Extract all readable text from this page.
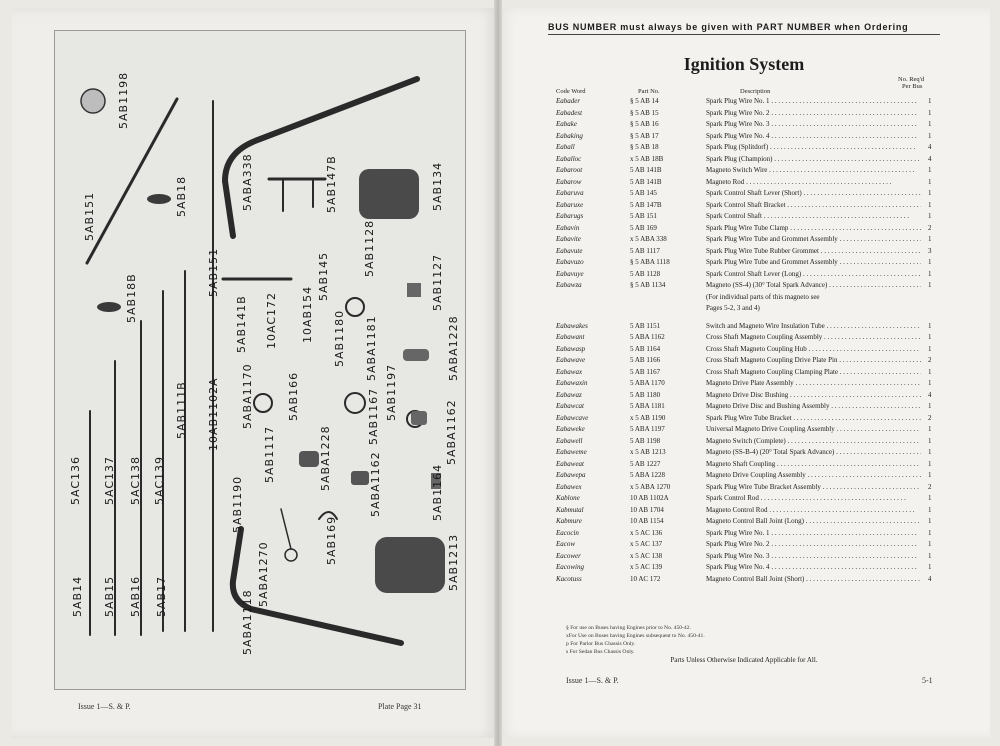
5AB1198
5AB151	5AB18	5ABA338	5AB134
5AB147B
5AB1128
5AB18B
5AB151	5AB145	5AB1127
5AB141B 10AC172 10AB154 5AB1180 5ABA1181	5ABA1228
5AB1197
10AB1102A 5ABA1170	5AB166	5AB1167	5ABA1162
5AB111B
5AB1117	5ABA1228	5ABA1162	5AB1164
5AC136 5AC137 5AC138 5AC139	5AB1190
5AB169
5ABA1270
5AB14 5AB15 5AB16 5AB17	5ABA1118
5AB1213
Issue 1—S. & P.	Plate Page 31
BUS NUMBER must always be given with PART NUMBER when Ordering
Ignition System
Code Word	Part No.	Description
No. Req'd
Per Bus
Eabader	§ 5 AB 14	Spark Plug Wire No. 1 . . .	1
Eabadest	§ 5 AB 15	Spark Plug Wire No. 2 . . .	1
Eabake	§ 5 AB 16	Spark Plug Wire No. 3 . . .	1
Eabaking	§ 5 AB 17	Spark Plug Wire No. 4 . . .	1
Eaball	§ 5 AB 18	Spark Plug (Splitdorf) . . .	4
Eaballoc	x 5 AB 18B	Spark Plug (Champion) . . .	4
Eabaroot	5 AB 141B	Magneto Switch Wire . . .	1
Eabarow	5 AB 141B	Magneto Rod . . .	1
Eabaruva	5 AB 145	Spark Control Shaft Lever (Short) . . .	1
Eabaruxe	5 AB 147B	Spark Control Shaft Bracket . . .	1
Eabarugs	5 AB 151	Spark Control Shaft . . .	1
Eabavin	5 AB 169	Spark Plug Wire Tube Clamp . . .	2
Eabavite	x 5 ABA 338	Spark Plug Wire Tube and Grommet Assembly . . .	1
Eabavute	5 AB 1117	Spark Plug Wire Tube Rubber Grommet . . .	3
Eabavuzo	§ 5 ABA 1118	Spark Plug Wire Tube and Grommet Assembly . . .	1
Eabavuye	5 AB 1128	Spark Control Shaft Lever (Long) . . .	1
Eabawza	§ 5 AB 1134	Magneto (SS-4) (30° Total Spark Advance) . . .	1
(For individual parts of this magneto see
Pages 5-2, 3 and 4)
Eabawakes	5 AB 1151	Switch and Magneto Wire Insulation Tube . . .	1
Eabawant	5 ABA 1162	Cross Shaft Magneto Coupling Assembly . . .	1
Eabawasp	5 AB 1164	Cross Shaft Magneto Coupling Hub . . .	1
Eabawave	5 AB 1166	Cross Shaft Magneto Coupling Drive Plate Pin . . .	2
Eabawax	5 AB 1167	Cross Shaft Magneto Coupling Clamping Plate . . .	1
Eabawaxin	5 ABA 1170	Magneto Drive Plate Assembly . . .	1
Eabawaz	5 AB 1180	Magneto Drive Disc Bushing . . .	4
Eabawcat	5 ABA 1181	Magneto Drive Disc and Bushing Assembly . . .	1
Eabawcave	x 5 AB 1190	Spark Plug Wire Tube Bracket . . .	2
Eabaweke	5 ABA 1197	Universal Magneto Drive Coupling Assembly . . .	1
Eabawell	5 AB 1198	Magneto Switch (Complete) . . .	1
Eabaweme	x 5 AB 1213	Magneto (SS-B-4) (20° Total Spark Advance) . . .	1
Eabaweat	5 AB 1227	Magneto Shaft Coupling . . .	1
Eabawepa	5 ABA 1228	Magneto Drive Coupling Assembly . . .	1
Eabawex	x 5 ABA 1270	Spark Plug Wire Tube Bracket Assembly . . .	2
Kablone	10 AB 1102A	Spark Control Rod . . .	1
Kabmutal	10 AB 1704	Magneto Control Rod . . .	1
Kabmure	10 AB 1154	Magneto Control Ball Joint (Long) . . .	1
Eacocin	x 5 AC 136	Spark Plug Wire No. 1 . . .	1
Eacow	x 5 AC 137	Spark Plug Wire No. 2 . . .	1
Eacower	x 5 AC 138	Spark Plug Wire No. 3 . . .	1
Eacowing	x 5 AC 139	Spark Plug Wire No. 4 . . .	1
Kacotuss	10 AC 172	Magneto Control Ball Joint (Short) . . .	4
§ For use on Buses having Engines prior to No. 450-42.
xFor Use on Buses having Engines subsequent to No. 450-41.
p For Parlor Bus Chassis Only.
s For Sedan Bus Chassis Only.
Parts Unless Otherwise Indicated Applicable for All.
Issue 1—S. & P.	5-1
